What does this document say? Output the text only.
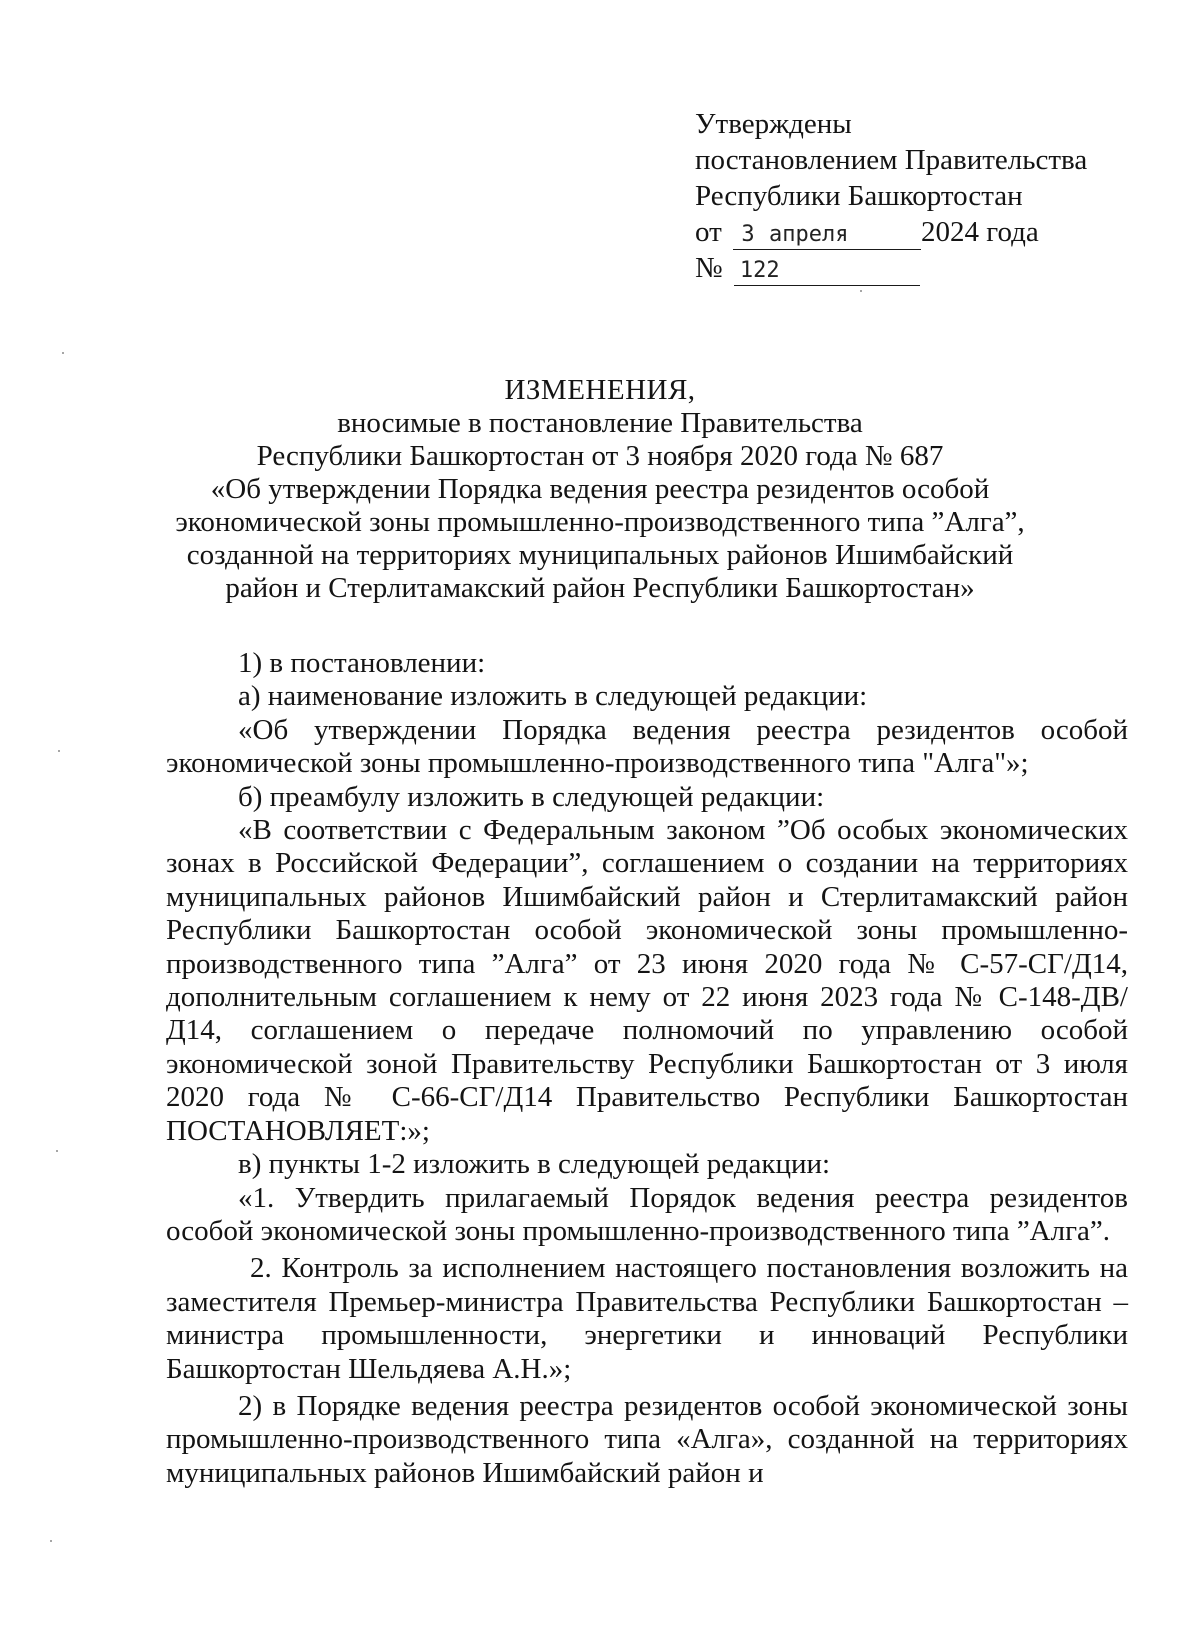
Утверждены
постановлением Правительства
Республики Башкортостан
от 3 апреля	2024 года
№ 122
ИЗМЕНЕНИЯ,
вносимые в постановление Правительства
Республики Башкортостан от 3 ноября 2020 года № 687
«Об утверждении Порядка ведения реестра резидентов особой
экономической зоны промышленно-производственного типа ”Алга”,
созданной на территориях муниципальных районов Ишимбайский
район и Стерлитамакский район Республики Башкортостан»

1) в постановлении:

а) наименование изложить в следующей редакции:

«Об утверждении Порядка ведения реестра резидентов особой экономической зоны промышленно-производственного типа "Алга"»;

б) преамбулу изложить в следующей редакции:

«В соответствии с Федеральным законом ”Об особых экономических зонах в Российской Федерации”, соглашением о создании на территориях муниципальных районов Ишимбайский район и Стерлитамакский район Республики Башкортостан особой экономической зоны промышленно-производственного типа ”Алга” от 23 июня 2020 года № С-57-СГ/Д14, дополнительным соглашением к нему от 22 июня 2023 года № С-148-ДВ/Д14, соглашением о передаче полномочий по управлению особой экономической зоной Правительству Республики Башкортостан от 3 июля 2020 года № С-66-СГ/Д14 Правительство Республики Башкортостан ПОСТАНОВЛЯЕТ:»;

в) пункты 1-2 изложить в следующей редакции:

«1. Утвердить прилагаемый Порядок ведения реестра резидентов особой экономической зоны промышленно-производственного типа ”Алга”.

2. Контроль за исполнением настоящего постановления возложить на заместителя Премьер-министра Правительства Республики Башкортостан – министра промышленности, энергетики и инноваций Республики Башкортостан Шельдяева А.Н.»;

2) в Порядке ведения реестра резидентов особой экономической зоны промышленно-производственного типа «Алга», созданной на территориях муниципальных районов Ишимбайский район и
